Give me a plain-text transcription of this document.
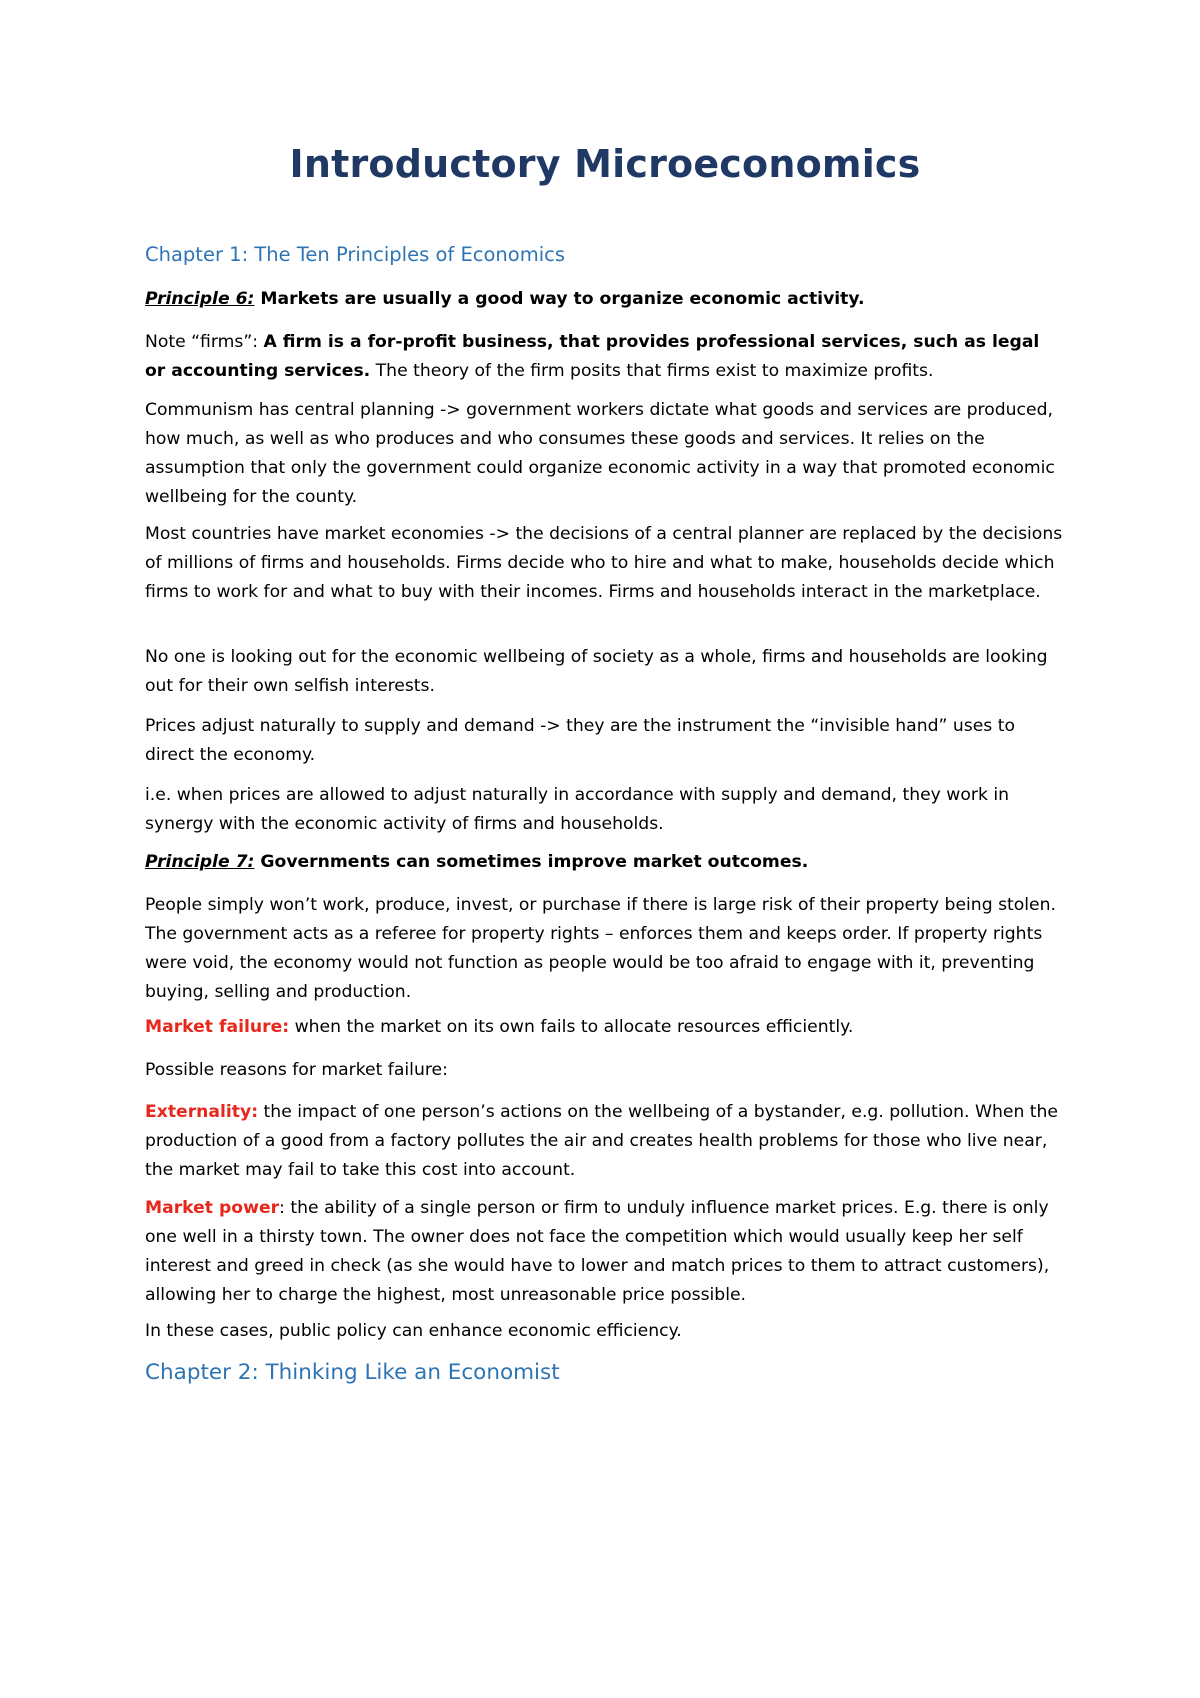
Introductory Microeconomics
Chapter 1: The Ten Principles of Economics

Principle 6: Markets are usually a good way to organize economic activity.

Note “firms”: A firm is a for-profit business, that provides professional services, such as legal or accounting services. The theory of the firm posits that firms exist to maximize profits.

Communism has central planning -> government workers dictate what goods and services are produced, how much, as well as who produces and who consumes these goods and services. It relies on the assumption that only the government could organize economic activity in a way that promoted economic wellbeing for the county.

Most countries have market economies -> the decisions of a central planner are replaced by the decisions of millions of firms and households. Firms decide who to hire and what to make, households decide which firms to work for and what to buy with their incomes. Firms and households interact in the marketplace.

No one is looking out for the economic wellbeing of society as a whole, firms and households are looking out for their own selfish interests.

Prices adjust naturally to supply and demand -> they are the instrument the “invisible hand” uses to direct the economy.

i.e. when prices are allowed to adjust naturally in accordance with supply and demand, they work in synergy with the economic activity of firms and households.

Principle 7: Governments can sometimes improve market outcomes.

People simply won’t work, produce, invest, or purchase if there is large risk of their property being stolen. The government acts as a referee for property rights – enforces them and keeps order. If property rights were void, the economy would not function as people would be too afraid to engage with it, preventing buying, selling and production.

Market failure: when the market on its own fails to allocate resources efficiently.

Possible reasons for market failure:

Externality: the impact of one person’s actions on the wellbeing of a bystander, e.g. pollution. When the production of a good from a factory pollutes the air and creates health problems for those who live near, the market may fail to take this cost into account.

Market power: the ability of a single person or firm to unduly influence market prices. E.g. there is only one well in a thirsty town. The owner does not face the competition which would usually keep her self interest and greed in check (as she would have to lower and match prices to them to attract customers), allowing her to charge the highest, most unreasonable price possible.

In these cases, public policy can enhance economic efficiency.

Chapter 2: Thinking Like an Economist
